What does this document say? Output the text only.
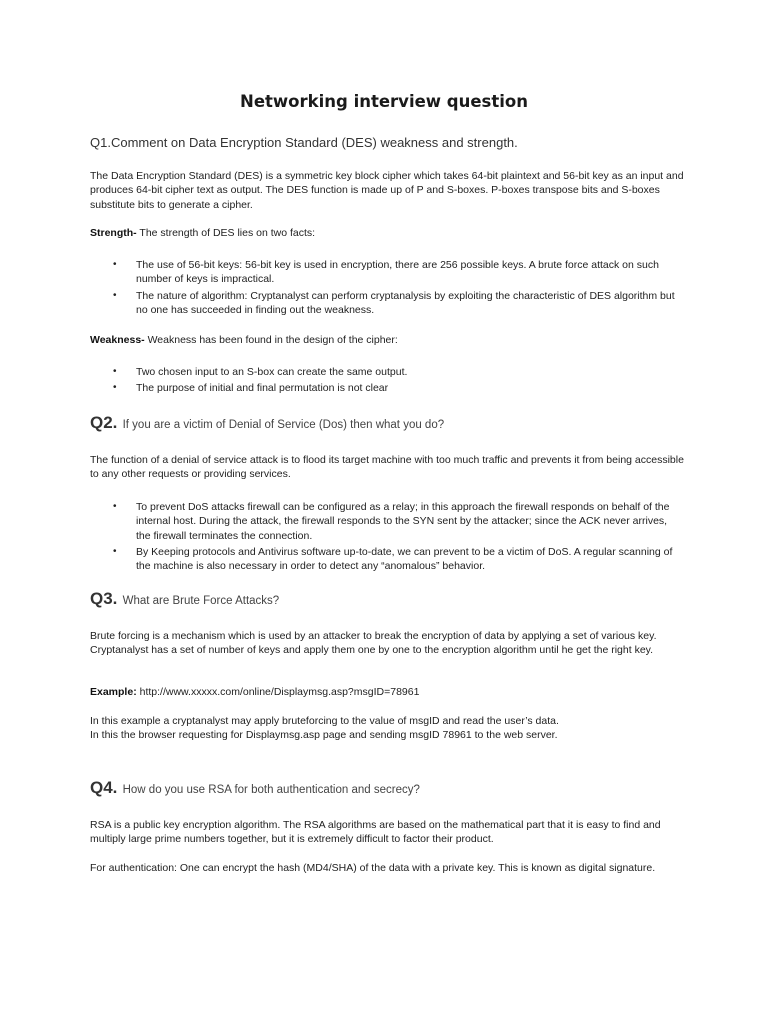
Networking interview question
Q1.Comment on Data Encryption Standard (DES) weakness and strength.
The Data Encryption Standard (DES) is a symmetric key block cipher which takes 64-bit plaintext and 56-bit key as an input and produces 64-bit cipher text as output. The DES function is made up of P and S-boxes. P-boxes transpose bits and S-boxes substitute bits to generate a cipher.
Strength- The strength of DES lies on two facts:
• The use of 56-bit keys: 56-bit key is used in encryption, there are 256 possible keys. A brute force attack on such number of keys is impractical.
• The nature of algorithm: Cryptanalyst can perform cryptanalysis by exploiting the characteristic of DES algorithm but no one has succeeded in finding out the weakness.
Weakness- Weakness has been found in the design of the cipher:
• Two chosen input to an S-box can create the same output.
• The purpose of initial and final permutation is not clear
Q2. If you are a victim of Denial of Service (Dos) then what you do?
The function of a denial of service attack is to flood its target machine with too much traffic and prevents it from being accessible to any other requests or providing services.
• To prevent DoS attacks firewall can be configured as a relay; in this approach the firewall responds on behalf of the internal host. During the attack, the firewall responds to the SYN sent by the attacker; since the ACK never arrives, the firewall terminates the connection.
• By Keeping protocols and Antivirus software up-to-date, we can prevent to be a victim of DoS. A regular scanning of the machine is also necessary in order to detect any “anomalous” behavior.
Q3. What are Brute Force Attacks?
Brute forcing is a mechanism which is used by an attacker to break the encryption of data by applying a set of various key. Cryptanalyst has a set of number of keys and apply them one by one to the encryption algorithm until he get the right key.
Example: http://www.xxxxx.com/online/Displaymsg.asp?msgID=78961
In this example a cryptanalyst may apply bruteforcing to the value of msgID and read the user’s data.
In this the browser requesting for Displaymsg.asp page and sending msgID 78961 to the web server.
Q4. How do you use RSA for both authentication and secrecy?
RSA is a public key encryption algorithm. The RSA algorithms are based on the mathematical part that it is easy to find and multiply large prime numbers together, but it is extremely difficult to factor their product.
For authentication: One can encrypt the hash (MD4/SHA) of the data with a private key. This is known as digital signature.
